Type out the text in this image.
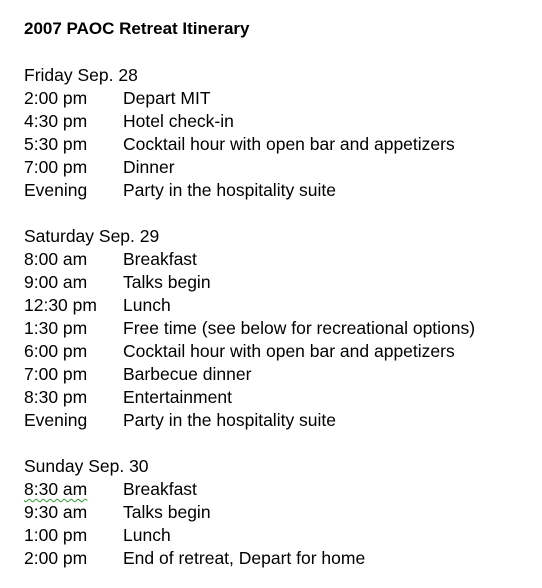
2007 PAOC Retreat Itinerary
Friday Sep. 28
2:00 pm	Depart MIT
4:30 pm	Hotel check-in
5:30 pm	Cocktail hour with open bar and appetizers
7:00 pm	Dinner
Evening	Party in the hospitality suite
Saturday Sep. 29
8:00 am	Breakfast
9:00 am	Talks begin
12:30 pm	Lunch
1:30 pm	Free time (see below for recreational options)
6:00 pm	Cocktail hour with open bar and appetizers
7:00 pm	Barbecue dinner
8:30 pm	Entertainment
Evening	Party in the hospitality suite
Sunday Sep. 30
8:30 am	Breakfast
9:30 am	Talks begin
1:00 pm	Lunch
2:00 pm	End of retreat, Depart for home
